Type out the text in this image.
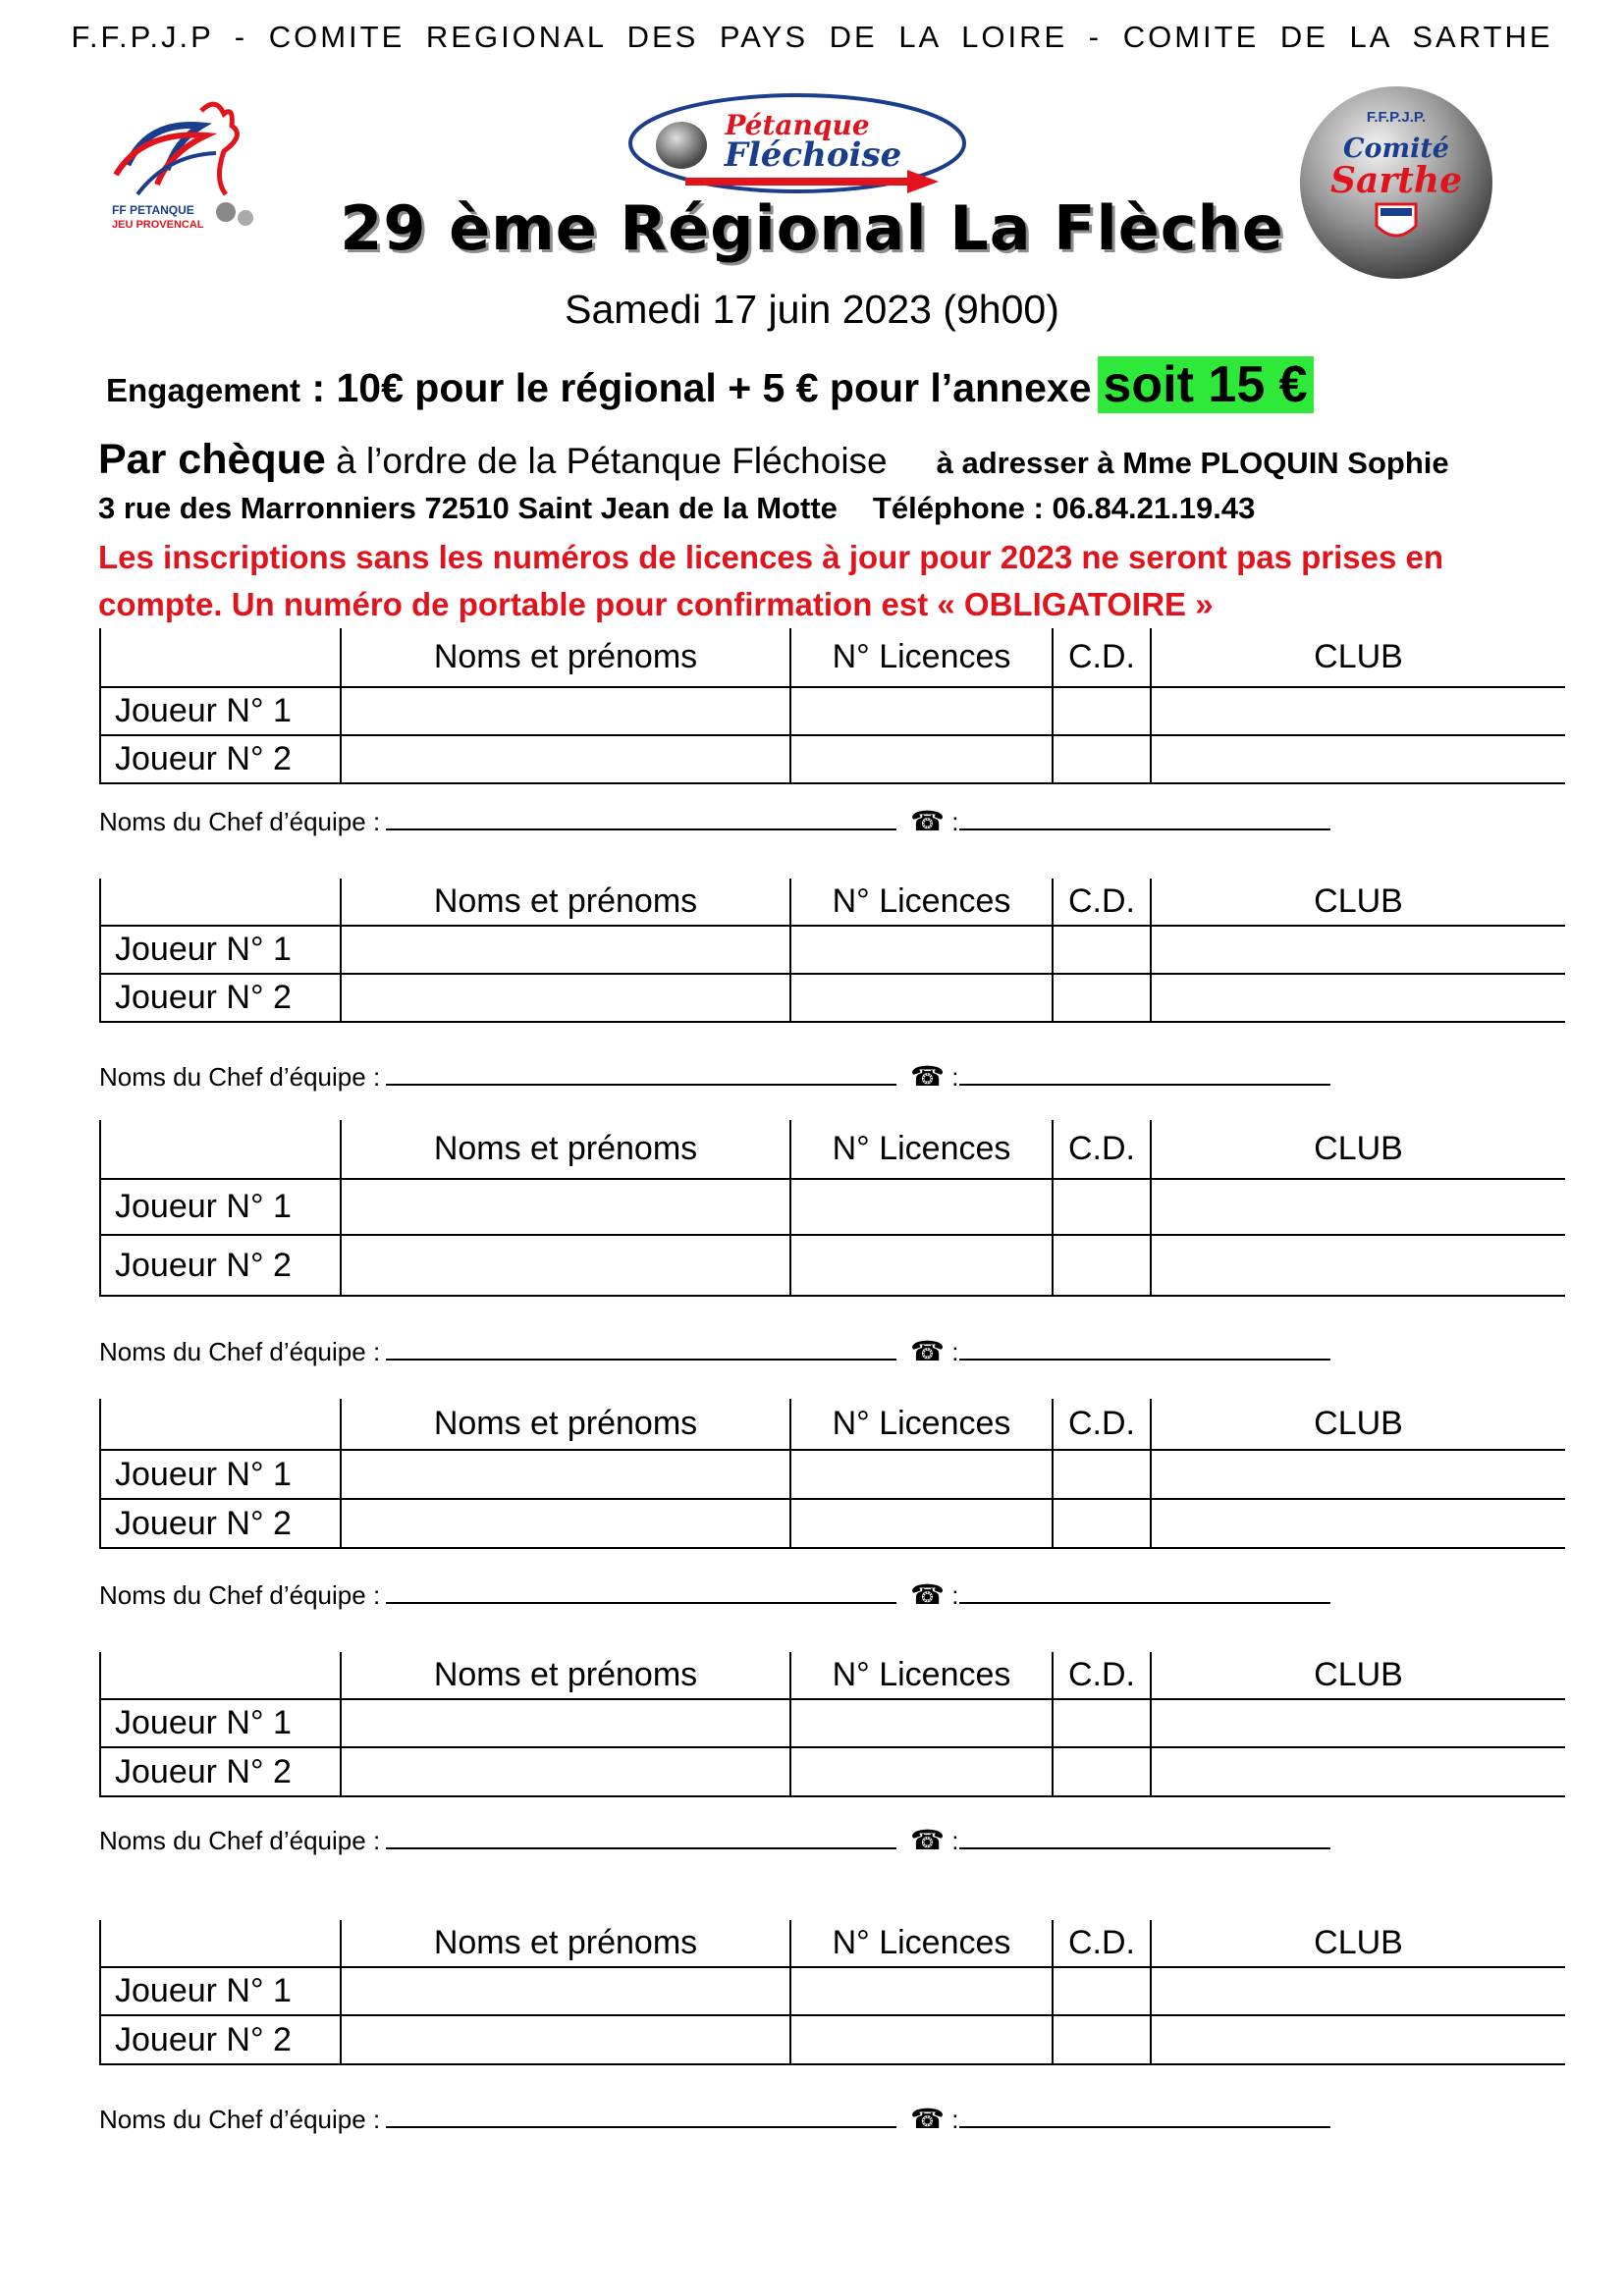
F.F.P.J.P - COMITE REGIONAL DES PAYS DE LA LOIRE - COMITE DE LA SARTHE
FF PETANQUE
JEU PROVENCAL
Pétanque
Fléchoise
F.F.P.J.P.
Comité
Sarthe
29 ème Régional La Flèche
Samedi 17 juin 2023 (9h00)
Engagement : 10€ pour le régional + 5 € pour l’annexe soit 15 €
Par chèque à l’ordre de la Pétanque Fléchoise à adresser à Mme PLOQUIN Sophie
3 rue des Marronniers 72510 Saint Jean de la Motte Téléphone : 06.84.21.19.43
Les inscriptions sans les numéros de licences à jour pour 2023 ne seront pas prises en compte. Un numéro de portable pour confirmation est « OBLIGATOIRE »
	Noms et prénoms	N° Licences	C.D.	CLUB
Joueur N° 1				
Joueur N° 2				
Noms du Chef d’équipe :	☎ :
	Noms et prénoms	N° Licences	C.D.	CLUB
Joueur N° 1				
Joueur N° 2				
Noms du Chef d’équipe :	☎ :
	Noms et prénoms	N° Licences	C.D.	CLUB
Joueur N° 1				
Joueur N° 2				
Noms du Chef d’équipe :	☎ :
	Noms et prénoms	N° Licences	C.D.	CLUB
Joueur N° 1				
Joueur N° 2				
Noms du Chef d’équipe :	☎ :
	Noms et prénoms	N° Licences	C.D.	CLUB
Joueur N° 1				
Joueur N° 2				
Noms du Chef d’équipe :	☎ :
	Noms et prénoms	N° Licences	C.D.	CLUB
Joueur N° 1				
Joueur N° 2				
Noms du Chef d’équipe :	☎ :
